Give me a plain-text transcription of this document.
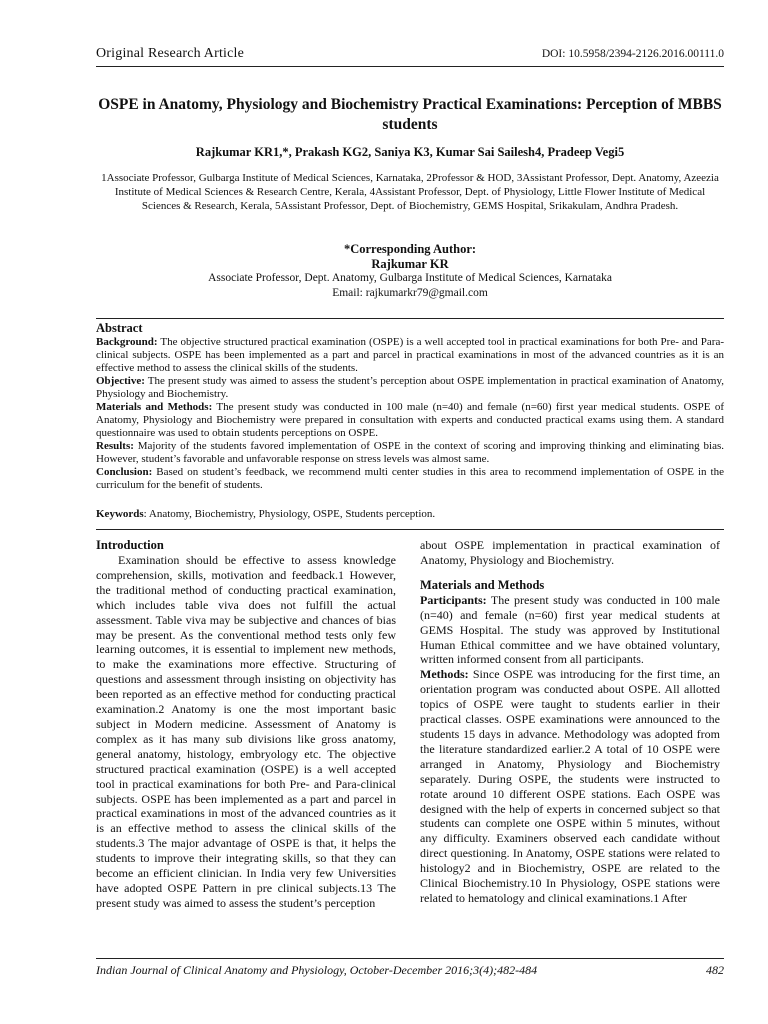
Original Research Article	DOI: 10.5958/2394-2126.2016.00111.0
OSPE in Anatomy, Physiology and Biochemistry Practical Examinations: Perception of MBBS students
Rajkumar KR1,*, Prakash KG2, Saniya K3, Kumar Sai Sailesh4, Pradeep Vegi5
1Associate Professor, Gulbarga Institute of Medical Sciences, Karnataka, 2Professor & HOD, 3Assistant Professor, Dept. Anatomy, Azeezia Institute of Medical Sciences & Research Centre, Kerala, 4Assistant Professor, Dept. of Physiology, Little Flower Institute of Medical Sciences & Research, Kerala, 5Assistant Professor, Dept. of Biochemistry, GEMS Hospital, Srikakulam, Andhra Pradesh.
*Corresponding Author:
Rajkumar KR
Associate Professor, Dept. Anatomy, Gulbarga Institute of Medical Sciences, Karnataka
Email: rajkumarkr79@gmail.com
Abstract
Background: The objective structured practical examination (OSPE) is a well accepted tool in practical examinations for both Pre- and Para-clinical subjects. OSPE has been implemented as a part and parcel in practical examinations in most of the advanced countries as it is an effective method to assess the clinical skills of the students.
Objective: The present study was aimed to assess the student’s perception about OSPE implementation in practical examination of Anatomy, Physiology and Biochemistry.
Materials and Methods: The present study was conducted in 100 male (n=40) and female (n=60) first year medical students. OSPE of Anatomy, Physiology and Biochemistry were prepared in consultation with experts and conducted practical exams using them. A standard questionnaire was used to obtain students perceptions on OSPE.
Results: Majority of the students favored implementation of OSPE in the context of scoring and improving thinking and eliminating bias. However, student’s favorable and unfavorable response on stress levels was almost same.
Conclusion: Based on student’s feedback, we recommend multi center studies in this area to recommend implementation of OSPE in the curriculum for the benefit of students.
Keywords: Anatomy, Biochemistry, Physiology, OSPE, Students perception.
Introduction

Examination should be effective to assess knowledge comprehension, skills, motivation and feedback.1 However, the traditional method of conducting practical examination, which includes table viva does not fulfill the actual assessment. Table viva may be subjective and chances of bias may be present. As the conventional method tests only few learning outcomes, it is essential to implement new methods, to make the examinations more effective. Structuring of questions and assessment through insisting on objectivity has been reported as an effective method for conducting practical examination.2 Anatomy is one the most important basic subject in Modern medicine. Assessment of Anatomy is complex as it has many sub divisions like gross anatomy, general anatomy, histology, embryology etc. The objective structured practical examination (OSPE) is a well accepted tool in practical examinations for both Pre- and Para-clinical subjects. OSPE has been implemented as a part and parcel in practical examinations in most of the advanced countries as it is an effective method to assess the clinical skills of the students.3 The major advantage of OSPE is that, it helps the students to improve their integrating skills, so that they can become an efficient clinician. In India very few Universities have adopted OSPE Pattern in pre clinical subjects.13 The present study was aimed to assess the student’s perception

about OSPE implementation in practical examination of Anatomy, Physiology and Biochemistry.

Materials and Methods

Participants: The present study was conducted in 100 male (n=40) and female (n=60) first year medical students at GEMS Hospital. The study was approved by Institutional Human Ethical committee and we have obtained voluntary, written informed consent from all participants.

Methods: Since OSPE was introducing for the first time, an orientation program was conducted about OSPE. All allotted topics of OSPE were taught to students earlier in their practical classes. OSPE examinations were announced to the students 15 days in advance. Methodology was adopted from the literature standardized earlier.2 A total of 10 OSPE were arranged in Anatomy, Physiology and Biochemistry separately. During OSPE, the students were instructed to rotate around 10 different OSPE stations. Each OSPE was designed with the help of experts in concerned subject so that students can complete one OSPE within 5 minutes, without any difficulty. Examiners observed each candidate without direct questioning. In Anatomy, OSPE stations were related to histology2 and in Biochemistry, OSPE are related to the Clinical Biochemistry.10 In Physiology, OSPE stations were related to hematology and clinical examinations.1 After

Indian Journal of Clinical Anatomy and Physiology, October-December 2016;3(4);482-484	482
